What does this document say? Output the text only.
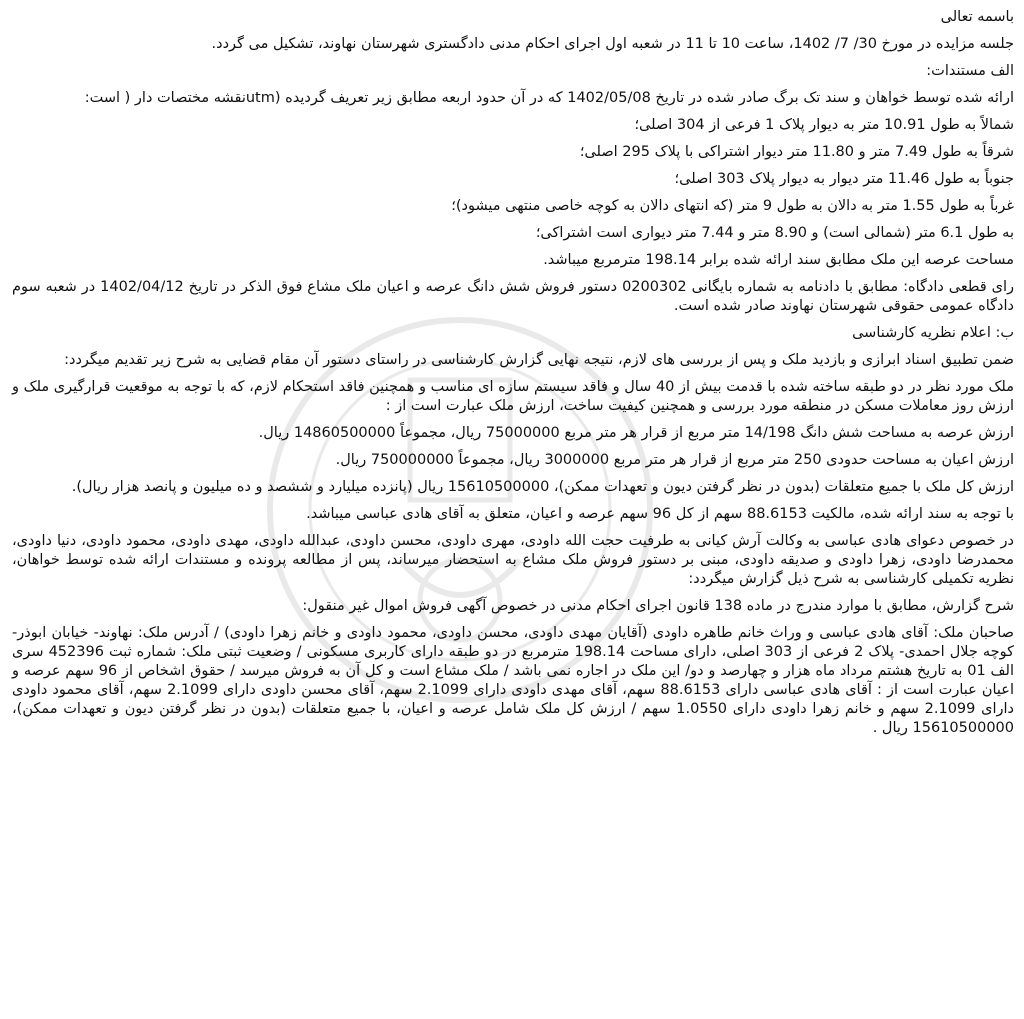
باسمه تعالی

جلسه مزایده در مورخ 30/ 7/ 1402، ساعت 10 تا 11 در شعبه اول اجرای احکام مدنی دادگستری شهرستان نهاوند، تشکیل می گردد.

الف مستندات:

ارائه شده توسط خواهان و سند تک برگ صادر شده در تاریخ 1402/05/08 که در آن حدود اربعه مطابق زیر تعریف گردیده (utmنقشه مختصات دار ( است:

شمالاً به طول 10.91 متر به دیوار پلاک 1 فرعی از 304 اصلی؛

شرقاً به طول 7.49 متر و 11.80 متر دیوار اشتراکی با پلاک 295 اصلی؛

جنوباً به طول 11.46 متر دیوار به دیوار پلاک 303 اصلی؛

غرباً به طول 1.55 متر به دالان به طول 9 متر (که انتهای دالان به کوچه خاصی منتهی میشود)؛

به طول 6.1 متر (شمالی است) و 8.90 متر و 7.44 متر دیواری است اشتراکی؛

مساحت عرصه این ملک مطابق سند ارائه شده برابر 198.14 مترمربع میباشد.

رای قطعی دادگاه: مطابق با دادنامه به شماره بایگانی 0200302 دستور فروش شش دانگ عرصه و اعیان ملک مشاع فوق الذکر در تاریخ 1402/04/12 در شعبه سوم دادگاه عمومی حقوقی شهرستان نهاوند صادر شده است.

ب: اعلام نظریه کارشناسی

ضمن تطبیق اسناد ابرازی و بازدید ملک و پس از بررسی های لازم، نتیجه نهایی گزارش کارشناسی در راستای دستور آن مقام قضایی به شرح زیر تقدیم میگردد:

ملک مورد نظر در دو طبقه ساخته شده با قدمت بیش از 40 سال و فاقد سیستم سازه ای مناسب و همچنین فاقد استحکام لازم، که با توجه به موقعیت قرارگیری ملک و ارزش روز معاملات مسکن در منطقه مورد بررسی و همچنین کیفیت ساخت، ارزش ملک عبارت است از :

ارزش عرصه به مساحت شش دانگ 14/198 متر مربع از قرار هر متر مربع 75000000 ریال، مجموعاً 14860500000 ریال.

ارزش اعیان به مساحت حدودی 250 متر مربع از قرار هر متر مربع 3000000 ریال، مجموعاً 750000000 ریال.

ارزش کل ملک با جمیع متعلقات (بدون در نظر گرفتن دیون و تعهدات ممکن)، 15610500000 ریال (پانزده میلیارد و ششصد و ده میلیون و پانصد هزار ریال).

با توجه به سند ارائه شده، مالکیت 88.6153 سهم از کل 96 سهم عرصه و اعیان، متعلق به آقای هادی عباسی میباشد.

در خصوص دعوای هادی عباسی به وکالت آرش کیانی به طرفیت حجت الله داودی، مهری داودی، محسن داودی، عبدالله داودی، مهدی داودی، محمود داودی، دنیا داودی، محمدرضا داودی، زهرا داودی و صدیقه داودی، مبنی بر دستور فروش ملک مشاع به استحضار میرساند، پس از مطالعه پرونده و مستندات ارائه شده توسط خواهان، نظریه تکمیلی کارشناسی به شرح ذیل گزارش میگردد:

شرح گزارش، مطابق با موارد مندرج در ماده 138 قانون اجرای احکام مدنی در خصوص آگهی فروش اموال غیر منقول:

صاحبان ملک: آقای هادی عباسی و وراث خانم طاهره داودی (آقایان مهدی داودی، محسن داودی، محمود داودی و خانم زهرا داودی) / آدرس ملک: نهاوند- خیابان ابوذر- کوچه جلال احمدی- پلاک 2 فرعی از 303 اصلی، دارای مساحت 198.14 مترمربع در دو طبقه دارای کاربری مسکونی / وضعیت ثبتی ملک: شماره ثبت 452396 سری الف 01 به تاریخ هشتم مرداد ماه هزار و چهارصد و دو/ این ملک در اجاره نمی باشد / ملک مشاع است و کل آن به فروش میرسد / حقوق اشخاص از 96 سهم عرصه و اعیان عبارت است از : آقای هادی عباسی دارای 88.6153 سهم، آقای مهدی داودی دارای 2.1099 سهم، آقای محسن داودی دارای 2.1099 سهم، آقای محمود داودی دارای 2.1099 سهم و خانم زهرا داودی دارای 1.0550 سهم / ارزش کل ملک شامل عرصه و اعیان، با جمیع متعلقات (بدون در نظر گرفتن دیون و تعهدات ممکن)، 15610500000 ریال .
